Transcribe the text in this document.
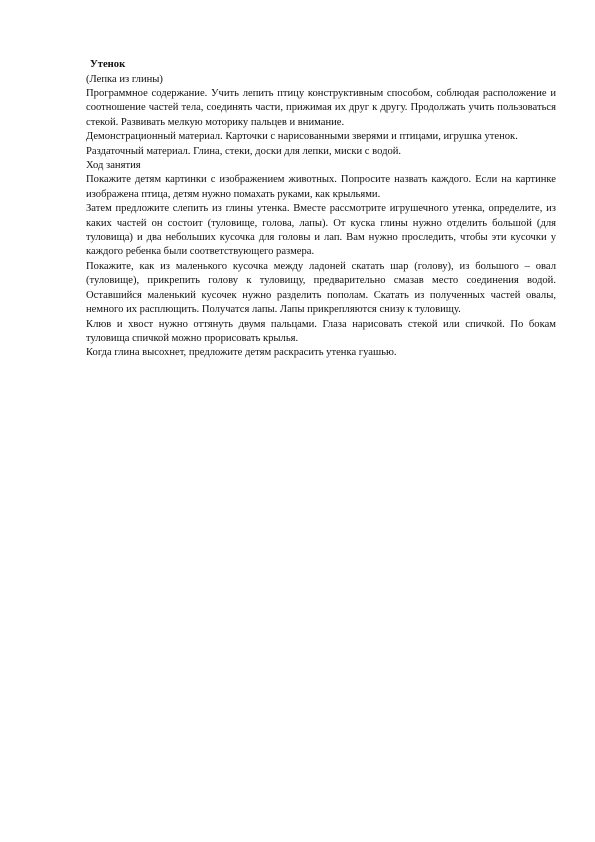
Утенок
(Лепка из глины)
Программное содержание. Учить лепить птицу конструктивным способом, соблюдая расположение и соотношение частей тела, соединять части, прижимая их друг к другу. Продолжать учить пользоваться стекой. Развивать мелкую моторику пальцев и внимание.
Демонстрационный материал. Карточки с нарисованными зверями и птицами, игрушка утенок.
Раздаточный материал. Глина, стеки, доски для лепки, миски с водой.
Ход занятия
Покажите детям картинки с изображением животных. Попросите назвать каждого. Если на картинке изображена птица, детям нужно помахать руками, как крыльями.
Затем предложите слепить из глины утенка. Вместе рассмотрите игрушечного утенка, определите, из каких частей он состоит (туловище, голова, лапы). От куска глины нужно отделить большой (для туловища) и два небольших кусочка для головы и лап. Вам нужно проследить, чтобы эти кусочки у каждого ребенка были соответствующего размера.
Покажите, как из маленького кусочка между ладоней скатать шар (голову), из большого – овал (туловище), прикрепить голову к туловищу, предварительно смазав место соединения водой. Оставшийся маленький кусочек нужно разделить пополам. Скатать из полученных частей овалы, немного их расплющить. Получатся лапы. Лапы прикрепляются снизу к туловищу.
Клюв и хвост нужно оттянуть двумя пальцами. Глаза нарисовать стекой или спичкой. По бокам туловища спичкой можно прорисовать крылья.
Когда глина высохнет, предложите детям раскрасить утенка гуашью.
